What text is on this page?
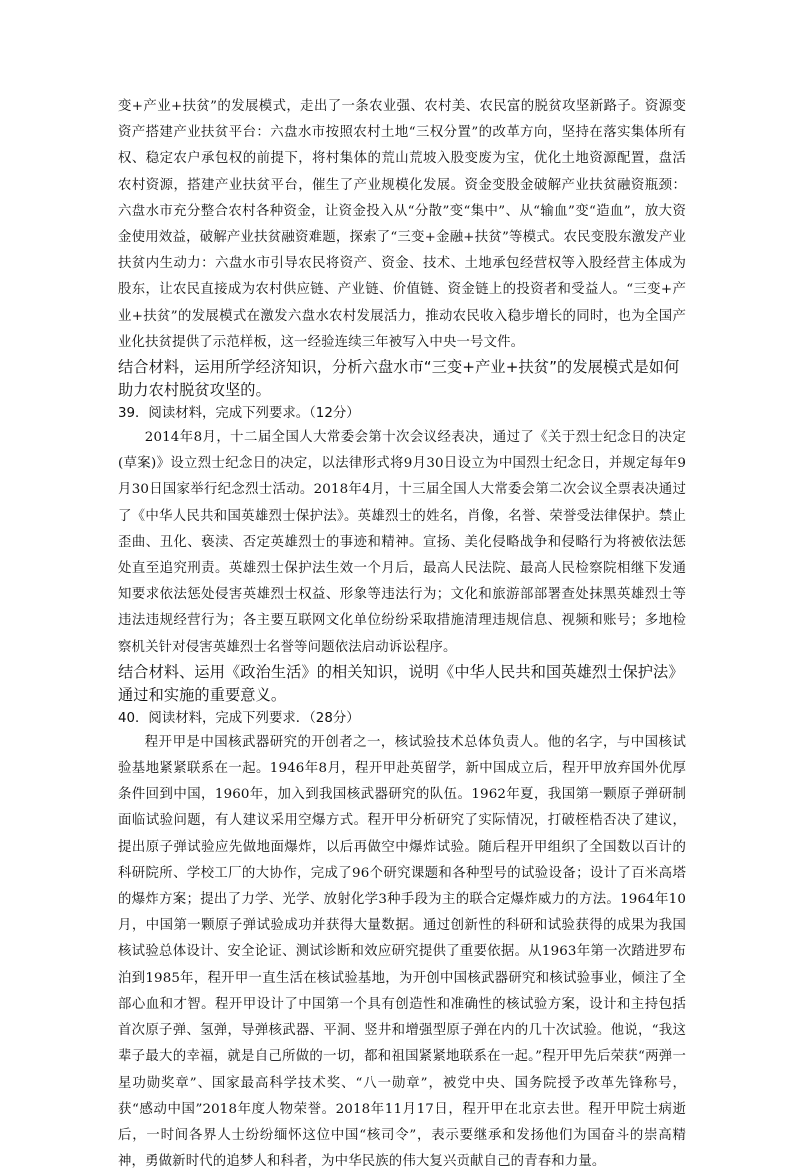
变+产业+扶贫”的发展模式，走出了一条农业强、农村美、农民富的脱贫攻坚新路子。资源变资产搭建产业扶贫平台：六盘水市按照农村土地“三权分置”的改革方向，坚持在落实集体所有权、稳定农户承包权的前提下，将村集体的荒山荒坡入股变废为宝，优化土地资源配置，盘活农村资源，搭建产业扶贫平台，催生了产业规模化发展。资金变股金破解产业扶贫融资瓶颈：六盘水市充分整合农村各种资金，让资金投入从“分散”变“集中”、从“输血”变“造血”，放大资金使用效益，破解产业扶贫融资难题，探索了“三变+金融+扶贫”等模式。农民变股东激发产业扶贫内生动力：六盘水市引导农民将资产、资金、技术、土地承包经营权等入股经营主体成为股东，让农民直接成为农村供应链、产业链、价值链、资金链上的投资者和受益人。“三变+产业+扶贫”的发展模式在激发六盘水农村发展活力，推动农民收入稳步增长的同时，也为全国产业化扶贫提供了示范样板，这一经验连续三年被写入中央一号文件。

结合材料，运用所学经济知识，分析六盘水市“三变+产业+扶贫”的发展模式是如何助力农村脱贫攻坚的。

39．阅读材料，完成下列要求。（12分）

2014年8月，十二届全国人大常委会第十次会议经表决，通过了《关于烈士纪念日的决定(草案)》设立烈士纪念日的决定，以法律形式将9月30日设立为中国烈士纪念日，并规定每年9月30日国家举行纪念烈士活动。2018年4月，十三届全国人大常委会第二次会议全票表决通过了《中华人民共和国英雄烈士保护法》。英雄烈士的姓名，肖像，名誉、荣誉受法律保护。禁止歪曲、丑化、亵渎、否定英雄烈士的事迹和精神。宣扬、美化侵略战争和侵略行为将被依法惩处直至追究刑责。英雄烈士保护法生效一个月后，最高人民法院、最高人民检察院相继下发通知要求依法惩处侵害英雄烈士权益、形象等违法行为；文化和旅游部部署查处抹黑英雄烈士等违法违规经营行为；各主要互联网文化单位纷纷采取措施清理违规信息、视频和账号；多地检察机关针对侵害英雄烈士名誉等问题依法启动诉讼程序。

结合材料、运用《政治生活》的相关知识，说明《中华人民共和国英雄烈士保护法》通过和实施的重要意义。

40．阅读材料，完成下列要求．（28分）

程开甲是中国核武器研究的开创者之一，核试验技术总体负责人。他的名字，与中国核试验基地紧紧联系在一起。1946年8月，程开甲赴英留学，新中国成立后，程开甲放弃国外优厚条件回到中国，1960年，加入到我国核武器研究的队伍。1962年夏，我国第一颗原子弹研制面临试验问题，有人建议采用空爆方式。程开甲分析研究了实际情况，打破桎梏否决了建议，提出原子弹试验应先做地面爆炸，以后再做空中爆炸试验。随后程开甲组织了全国数以百计的科研院所、学校工厂的大协作，完成了96个研究课题和各种型号的试验设备；设计了百米高塔的爆炸方案；提出了力学、光学、放射化学3种手段为主的联合定爆炸威力的方法。1964年10月，中国第一颗原子弹试验成功并获得大量数据。通过创新性的科研和试验获得的成果为我国核试验总体设计、安全论证、测试诊断和效应研究提供了重要依据。从1963年第一次踏进罗布泊到1985年，程开甲一直生活在核试验基地，为开创中国核武器研究和核试验事业，倾注了全部心血和才智。程开甲设计了中国第一个具有创造性和准确性的核试验方案，设计和主持包括首次原子弹、氢弹，导弹核武器、平洞、竖井和增强型原子弹在内的几十次试验。他说，“我这辈子最大的幸福，就是自己所做的一切，都和祖国紧紧地联系在一起。”程开甲先后荣获“两弹一星功勋奖章”、国家最高科学技术奖、“八一勋章”，被党中央、国务院授予改革先锋称号，获“感动中国”2018年度人物荣誉。2018年11月17日，程开甲在北京去世。程开甲院士病逝后，一时间各界人士纷纷缅怀这位中国“核司令”，表示要继承和发扬他们为国奋斗的崇高精神，勇做新时代的追梦人和科者，为中华民族的伟大复兴贡献自己的青春和力量。
